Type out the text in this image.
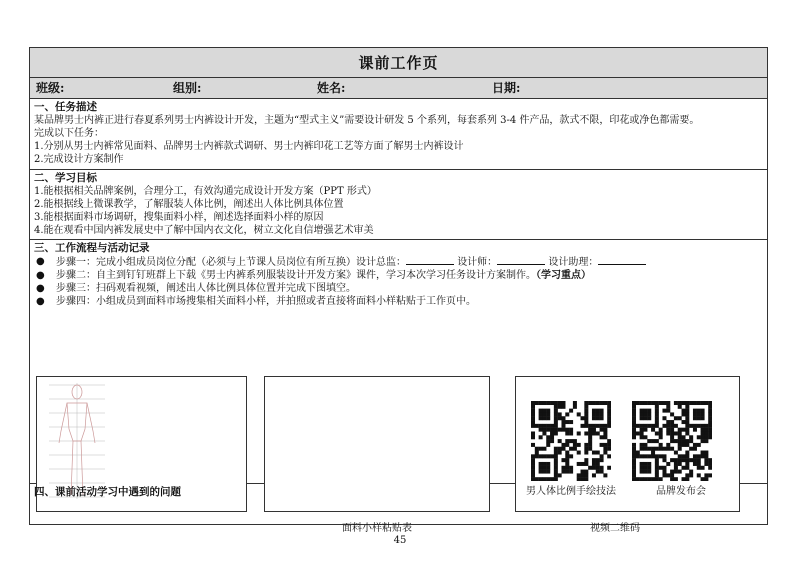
课前工作页
班级:	组别:	姓名:	日期:

一、任务描述

某品牌男士内裤正进行春夏系列男士内裤设计开发，主题为“型式主义”需要设计研发 5 个系列，每套系列 3-4 件产品，款式不限，印花或净色都需要。

完成以下任务：

1.分别从男士内裤常见面料、品牌男士内裤款式调研、男士内裤印花工艺等方面了解男士内裤设计

2.完成设计方案制作

二、学习目标

1.能根据相关品牌案例，合理分工，有效沟通完成设计开发方案（PPT 形式）

2.能根据线上微课教学，了解服装人体比例，阐述出人体比例具体位置

3.能根据面料市场调研，搜集面料小样，阐述选择面料小样的原因

4.能在观看中国内裤发展史中了解中国内衣文化，树立文化自信增强艺术审美

三、工作流程与活动记录

● 步骤一：完成小组成员岗位分配（必须与上节课人员岗位有所互换）设计总监：	设计师：	设计助理：

● 步骤二：自主到钉钉班群上下载《男士内裤系列服装设计开发方案》课件，学习本次学习任务设计方案制作。（学习重点）

● 步骤三：扫码观看视频，阐述出人体比例具体位置并完成下图填空。

● 步骤四：小组成员到面料市场搜集相关面料小样，并拍照或者直接将面料小样粘贴于工作页中。

面料小样粘贴表
男人体比例手绘技法	品牌发布会
视频二维码

四、课前活动学习中遇到的问题

45
